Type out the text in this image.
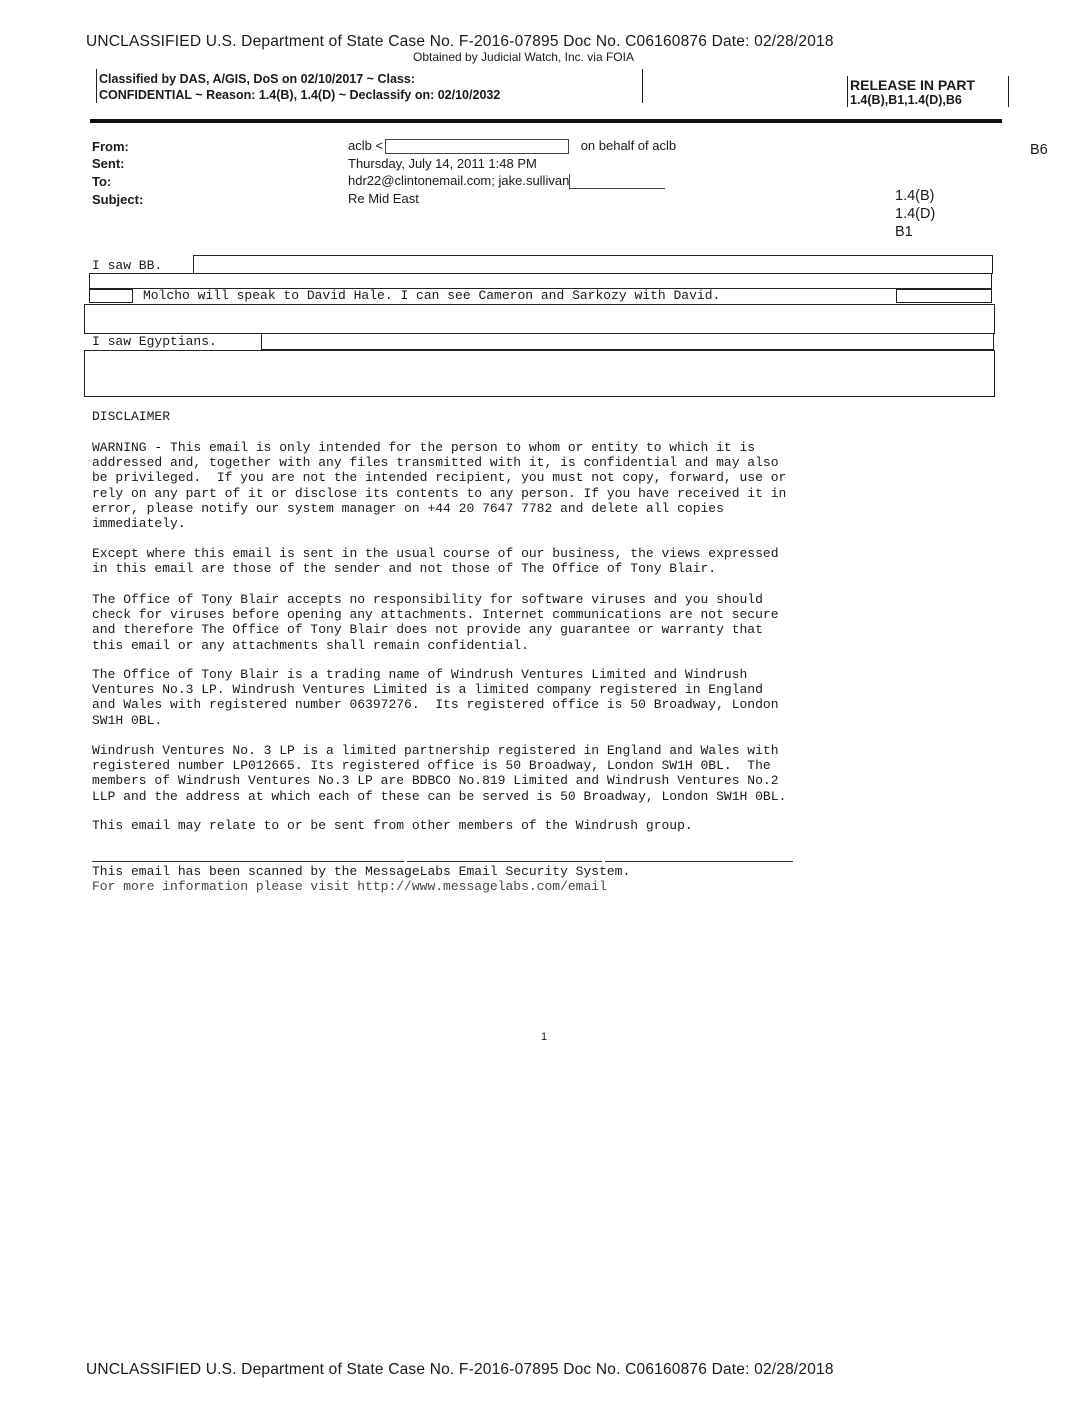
UNCLASSIFIED U.S. Department of State Case No. F-2016-07895 Doc No. C06160876 Date: 02/28/2018
Obtained by Judicial Watch, Inc. via FOIA
Classified by DAS, A/GIS, DoS on 02/10/2017 ~ Class:
CONFIDENTIAL ~ Reason: 1.4(B), 1.4(D) ~ Declassify on: 02/10/2032
RELEASE IN PART
1.4(B),B1,1.4(D),B6
From:	aclb <	on behalf of aclb
Sent:	Thursday, July 14, 2011 1:48 PM
To:	hdr22@clintonemail.com; jake.sullivan
Subject:	Re Mid East
B6
1.4(B)
1.4(D)
B1
I saw BB.
Molcho will speak to David Hale. I can see Cameron and Sarkozy with David.
I saw Egyptians.
DISCLAIMER
WARNING - This email is only intended for the person to whom or entity to which it is
addressed and, together with any files transmitted with it, is confidential and may also
be privileged.  If you are not the intended recipient, you must not copy, forward, use or
rely on any part of it or disclose its contents to any person. If you have received it in
error, please notify our system manager on +44 20 7647 7782 and delete all copies
immediately.
Except where this email is sent in the usual course of our business, the views expressed
in this email are those of the sender and not those of The Office of Tony Blair.
The Office of Tony Blair accepts no responsibility for software viruses and you should
check for viruses before opening any attachments. Internet communications are not secure
and therefore The Office of Tony Blair does not provide any guarantee or warranty that
this email or any attachments shall remain confidential.
The Office of Tony Blair is a trading name of Windrush Ventures Limited and Windrush
Ventures No.3 LP. Windrush Ventures Limited is a limited company registered in England
and Wales with registered number 06397276.  Its registered office is 50 Broadway, London
SW1H 0BL.
Windrush Ventures No. 3 LP is a limited partnership registered in England and Wales with
registered number LP012665. Its registered office is 50 Broadway, London SW1H 0BL.  The
members of Windrush Ventures No.3 LP are BDBCO No.819 Limited and Windrush Ventures No.2
LLP and the address at which each of these can be served is 50 Broadway, London SW1H 0BL.
This email may relate to or be sent from other members of the Windrush group.
This email has been scanned by the MessageLabs Email Security System.
For more information please visit http://www.messagelabs.com/email
1
UNCLASSIFIED U.S. Department of State Case No. F-2016-07895 Doc No. C06160876 Date: 02/28/2018
